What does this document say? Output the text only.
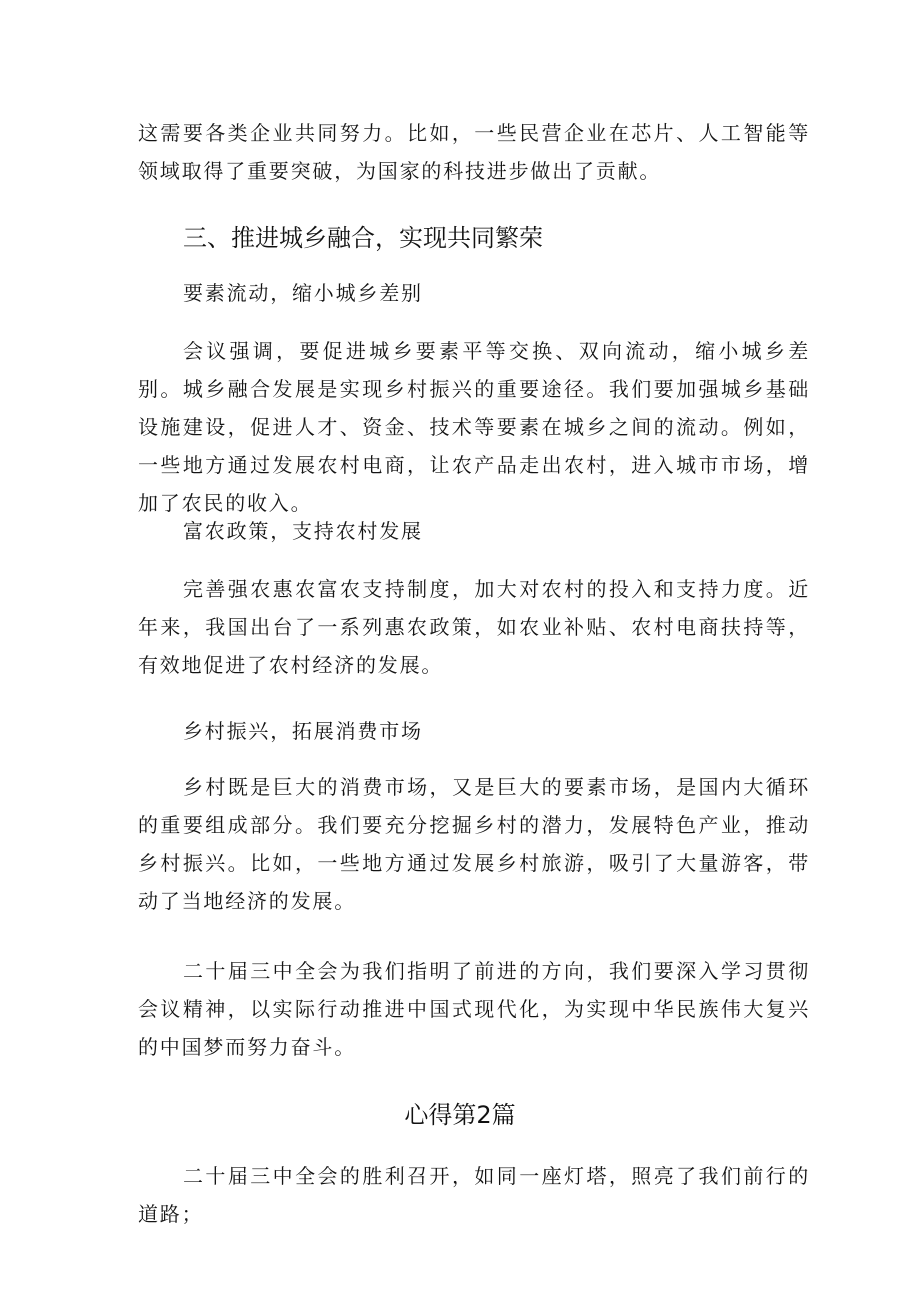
这需要各类企业共同努力。比如，一些民营企业在芯片、人工智能等领域取得了重要突破，为国家的科技进步做出了贡献。

三、推进城乡融合，实现共同繁荣

要素流动，缩小城乡差别

会议强调，要促进城乡要素平等交换、双向流动，缩小城乡差别。城乡融合发展是实现乡村振兴的重要途径。我们要加强城乡基础设施建设，促进人才、资金、技术等要素在城乡之间的流动。例如，一些地方通过发展农村电商，让农产品走出农村，进入城市市场，增加了农民的收入。

富农政策，支持农村发展

完善强农惠农富农支持制度，加大对农村的投入和支持力度。近年来，我国出台了一系列惠农政策，如农业补贴、农村电商扶持等，有效地促进了农村经济的发展。

乡村振兴，拓展消费市场

乡村既是巨大的消费市场，又是巨大的要素市场，是国内大循环的重要组成部分。我们要充分挖掘乡村的潜力，发展特色产业，推动乡村振兴。比如，一些地方通过发展乡村旅游，吸引了大量游客，带动了当地经济的发展。

二十届三中全会为我们指明了前进的方向，我们要深入学习贯彻会议精神，以实际行动推进中国式现代化，为实现中华民族伟大复兴的中国梦而努力奋斗。

心得第2篇

二十届三中全会的胜利召开，如同一座灯塔，照亮了我们前行的道路；
